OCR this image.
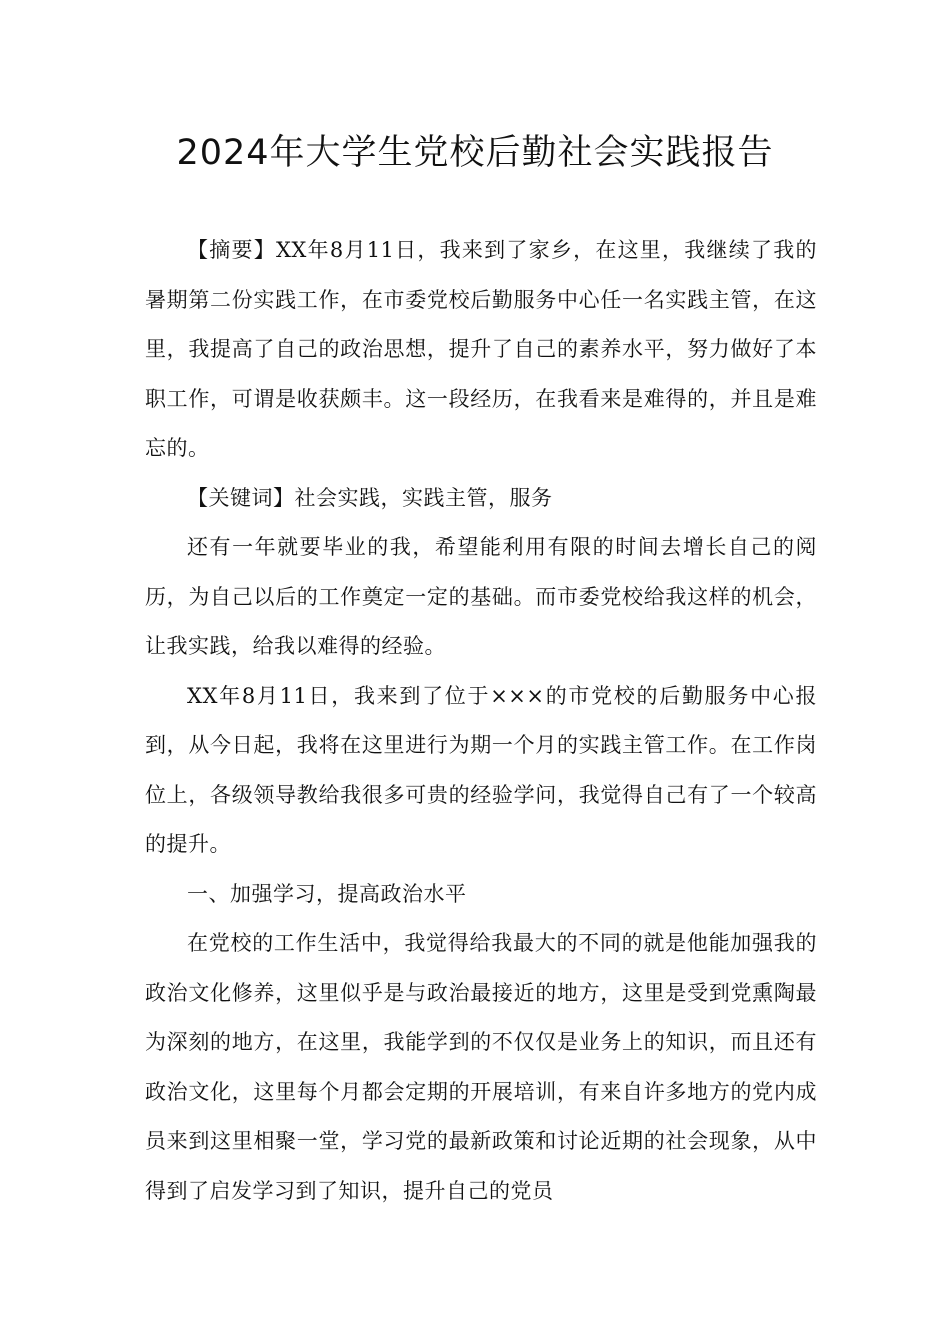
2024年大学生党校后勤社会实践报告

【摘要】XX年8月11日，我来到了家乡，在这里，我继续了我的暑期第二份实践工作，在市委党校后勤服务中心任一名实践主管，在这里，我提高了自己的政治思想，提升了自己的素养水平，努力做好了本职工作，可谓是收获颇丰。这一段经历，在我看来是难得的，并且是难忘的。

【关键词】社会实践，实践主管，服务

还有一年就要毕业的我，希望能利用有限的时间去增长自己的阅历，为自己以后的工作奠定一定的基础。而市委党校给我这样的机会，让我实践，给我以难得的经验。

XX年8月11日，我来到了位于×××的市党校的后勤服务中心报到，从今日起，我将在这里进行为期一个月的实践主管工作。在工作岗位上，各级领导教给我很多可贵的经验学问，我觉得自己有了一个较高的提升。

一、加强学习，提高政治水平

在党校的工作生活中，我觉得给我最大的不同的就是他能加强我的政治文化修养，这里似乎是与政治最接近的地方，这里是受到党熏陶最为深刻的地方，在这里，我能学到的不仅仅是业务上的知识，而且还有政治文化，这里每个月都会定期的开展培训，有来自许多地方的党内成员来到这里相聚一堂，学习党的最新政策和讨论近期的社会现象，从中得到了启发学习到了知识，提升自己的党员
